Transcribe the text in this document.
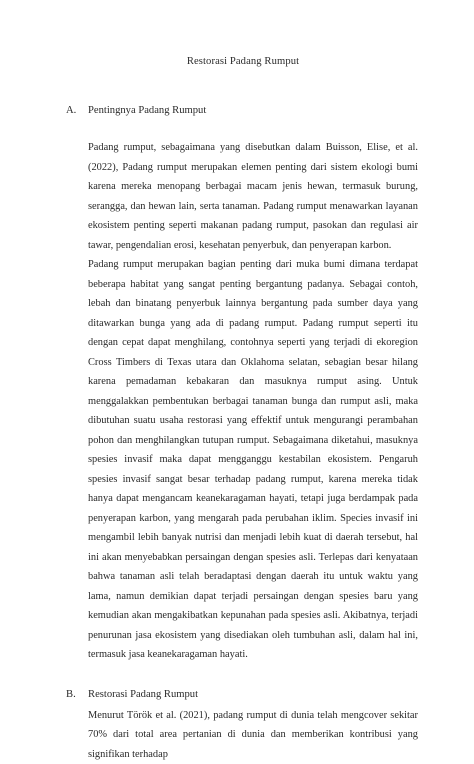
Restorasi Padang Rumput

A.	Pentingnya Padang Rumput

Padang rumput, sebagaimana yang disebutkan dalam Buisson, Elise, et al. (2022), Padang rumput merupakan elemen penting dari sistem ekologi bumi karena mereka menopang berbagai macam jenis hewan, termasuk burung, serangga, dan hewan lain, serta tanaman. Padang rumput menawarkan layanan ekosistem penting seperti makanan padang rumput, pasokan dan regulasi air tawar, pengendalian erosi, kesehatan penyerbuk, dan penyerapan karbon.

Padang rumput merupakan bagian penting dari muka bumi dimana terdapat beberapa habitat yang sangat penting bergantung padanya. Sebagai contoh, lebah dan binatang penyerbuk lainnya bergantung pada sumber daya yang ditawarkan bunga yang ada di padang rumput. Padang rumput seperti itu dengan cepat dapat menghilang, contohnya seperti yang terjadi di ekoregion Cross Timbers di Texas utara dan Oklahoma selatan, sebagian besar hilang karena pemadaman kebakaran dan masuknya rumput asing. Untuk menggalakkan pembentukan berbagai tanaman bunga dan rumput asli, maka dibutuhan suatu usaha restorasi yang effektif untuk mengurangi perambahan pohon dan menghilangkan tutupan rumput. Sebagaimana diketahui, masuknya spesies invasif maka dapat mengganggu kestabilan ekosistem. Pengaruh spesies invasif sangat besar terhadap padang rumput, karena mereka tidak hanya dapat mengancam keanekaragaman hayati, tetapi juga berdampak pada penyerapan karbon, yang mengarah pada perubahan iklim. Species invasif ini mengambil lebih banyak nutrisi dan menjadi lebih kuat di daerah tersebut, hal ini akan menyebabkan persaingan dengan spesies asli. Terlepas dari kenyataan bahwa tanaman asli telah beradaptasi dengan daerah itu untuk waktu yang lama, namun demikian dapat terjadi persaingan dengan spesies baru yang kemudian akan mengakibatkan kepunahan pada spesies asli. Akibatnya, terjadi penurunan jasa ekosistem yang disediakan oleh tumbuhan asli, dalam hal ini, termasuk jasa keanekaragaman hayati.

B.	Restorasi Padang Rumput

Menurut Török et al. (2021), padang rumput di dunia telah mengcover sekitar 70% dari total area pertanian di dunia dan memberikan kontribusi yang signifikan terhadap
